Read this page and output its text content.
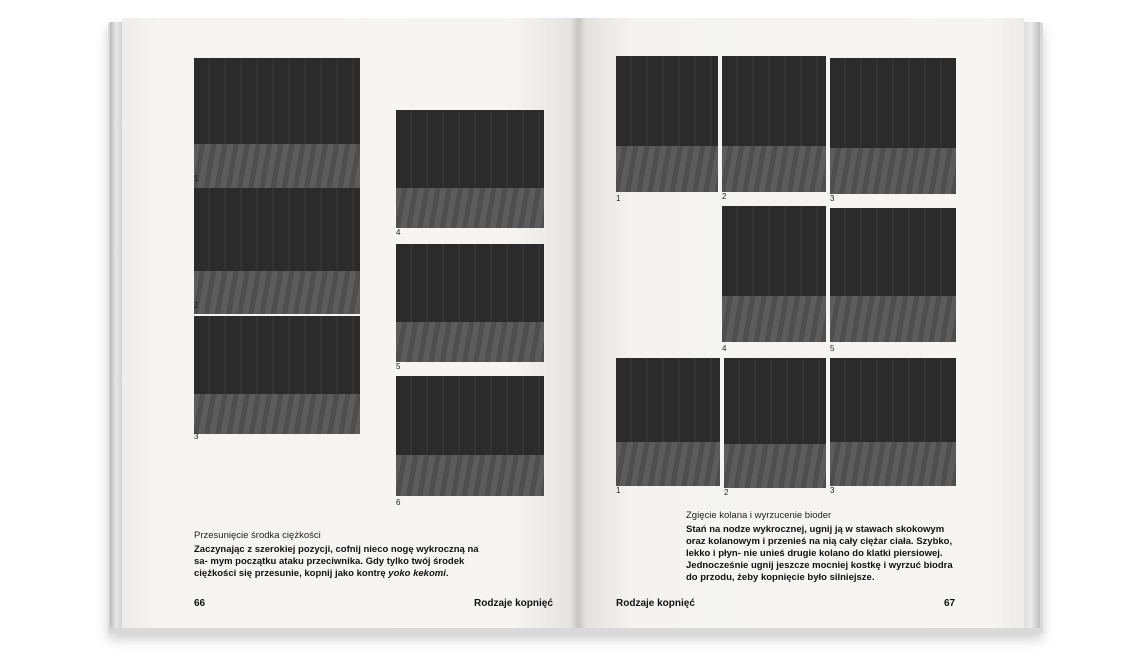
1
2
3
4
5
6
Przesunięcie środka ciężkości
Zaczynając z szerokiej pozycji, cofnij nieco nogę wykroczną na sa- mym początku ataku przeciwnika. Gdy tylko twój środek ciężkości się przesunie, kopnij jako kontrę yoko kekomi.
66	Rodzaje kopnięć
1	2	3
4	5
1	2	3
Zgięcie kolana i wyrzucenie bioder
Stań na nodze wykrocznej, ugnij ją w stawach skokowym oraz kolanowym i przenieś na nią cały ciężar ciała. Szybko, lekko i płyn- nie unieś drugie kolano do klatki piersiowej. Jednocześnie ugnij jeszcze mocniej kostkę i wyrzuć biodra do przodu, żeby kopnięcie było silniejsze.
Rodzaje kopnięć	67
